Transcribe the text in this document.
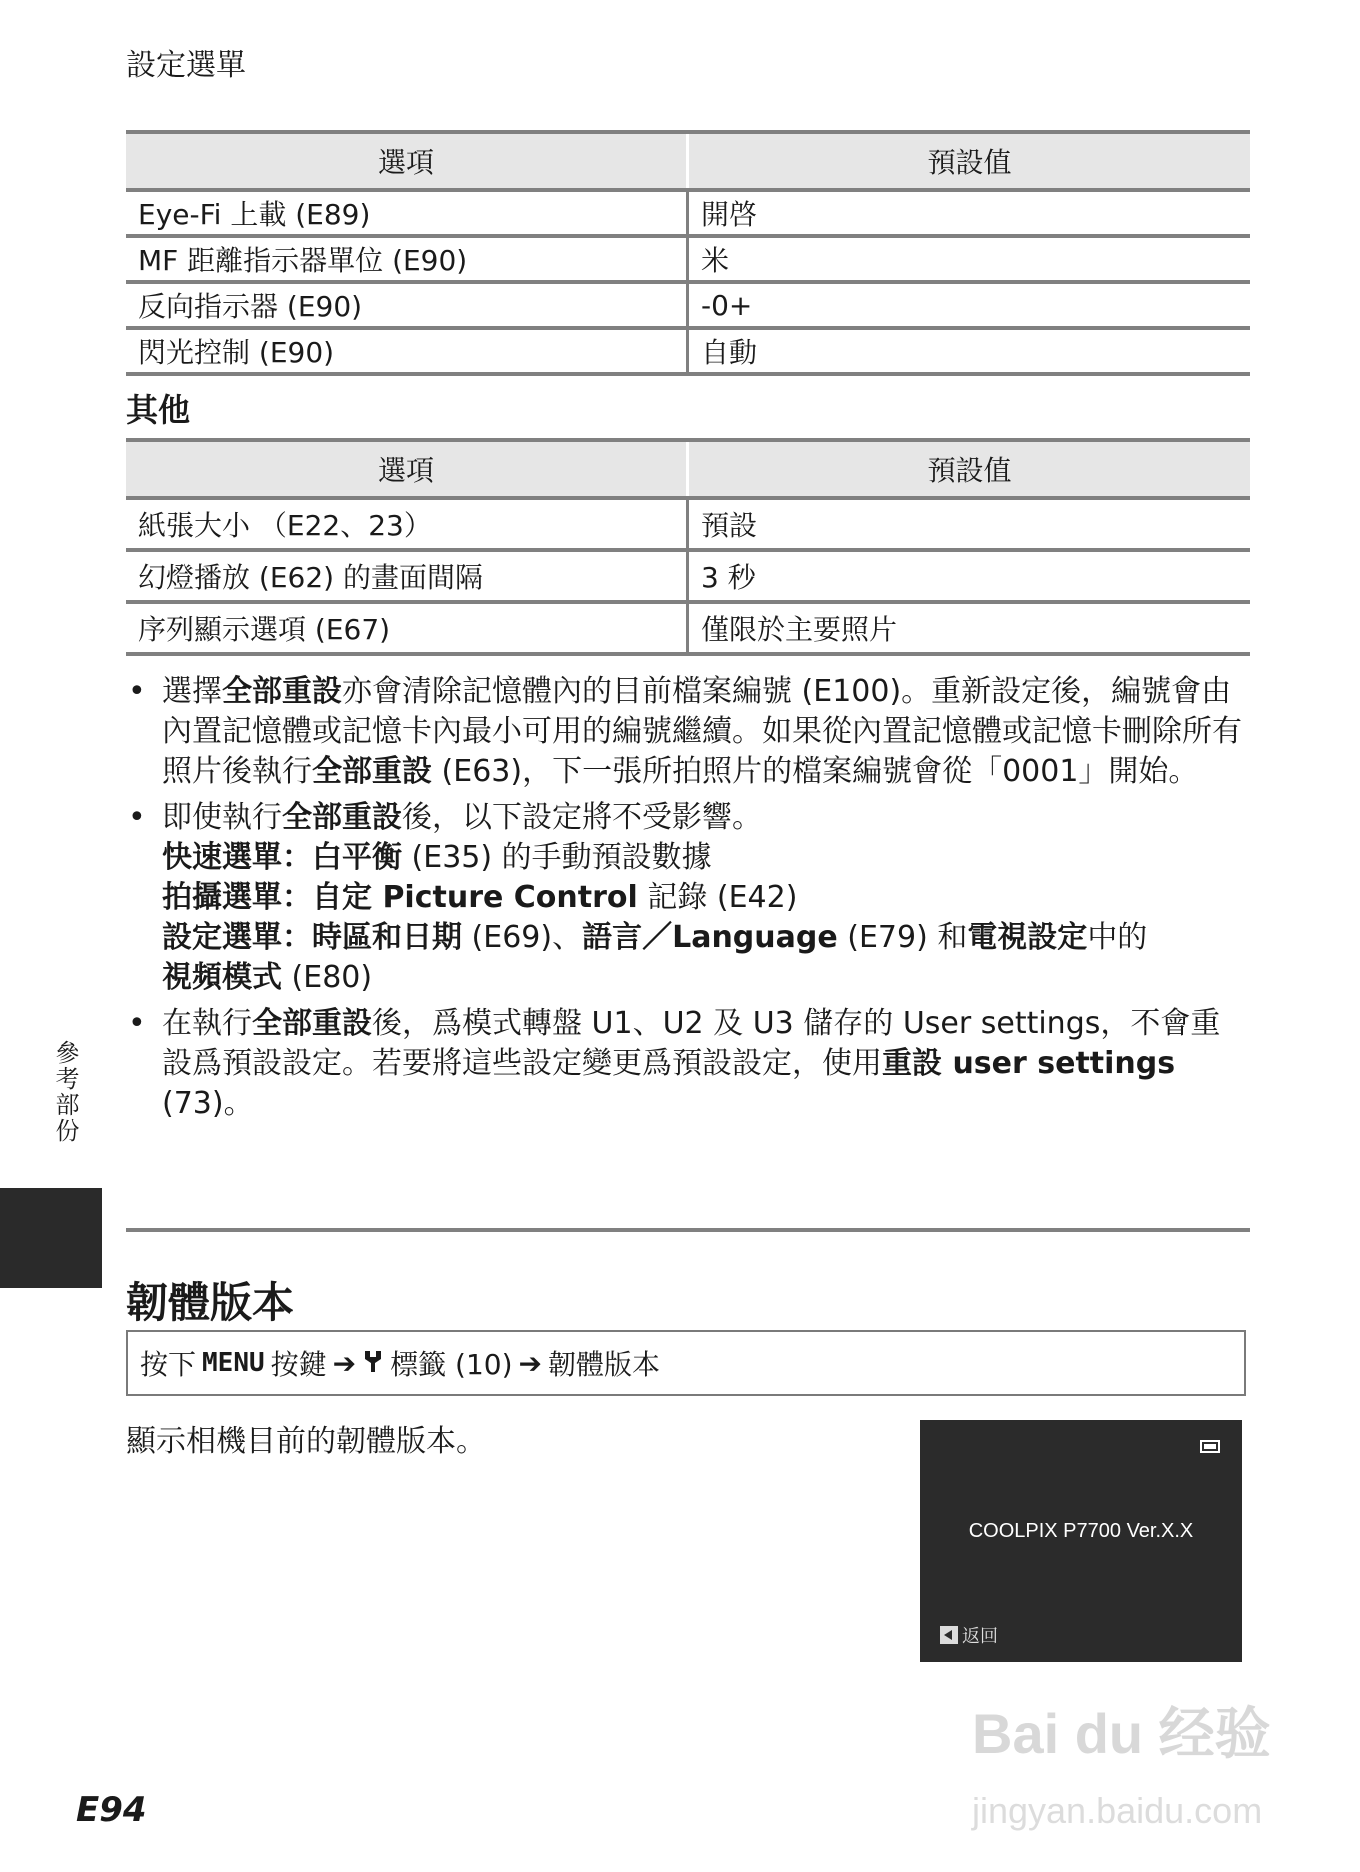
設定選單
選項	預設值
Eye-Fi 上載 (E89)	開啓
MF 距離指示器單位 (E90)	米
反向指示器 (E90)	-0+
閃光控制 (E90)	自動
其他
選項	預設值
紙張大小 （E22、23）	預設
幻燈播放 (E62) 的畫面間隔	3 秒
序列顯示選項 (E67)	僅限於主要照片
• 選擇全部重設亦會清除記憶體內的目前檔案編號 (E100)。重新設定後，編號會由內置記憶體或記憶卡內最小可用的編號繼續。如果從內置記憶體或記憶卡刪除所有照片後執行全部重設 (E63)，下一張所拍照片的檔案編號會從「0001」開始。
• 即使執行全部重設後，以下設定將不受影響。
快速選單：白平衡 (E35) 的手動預設數據
拍攝選單：自定 Picture Control 記錄 (E42)
設定選單：時區和日期 (E69)、語言／Language (E79) 和電視設定中的
視頻模式 (E80)
• 在執行全部重設後，爲模式轉盤 U1、U2 及 U3 儲存的 User settings，不會重設爲預設設定。若要將這些設定變更爲預設設定，使用重設 user settings (73)。
參考部份
韌體版本
按下 MENU 按鍵 ➔ 標籤 (10) ➔ 韌體版本
顯示相機目前的韌體版本。
COOLPIX P7700 Ver.X.X
返回
E94
Bai du 经验
jingyan.baidu.com
